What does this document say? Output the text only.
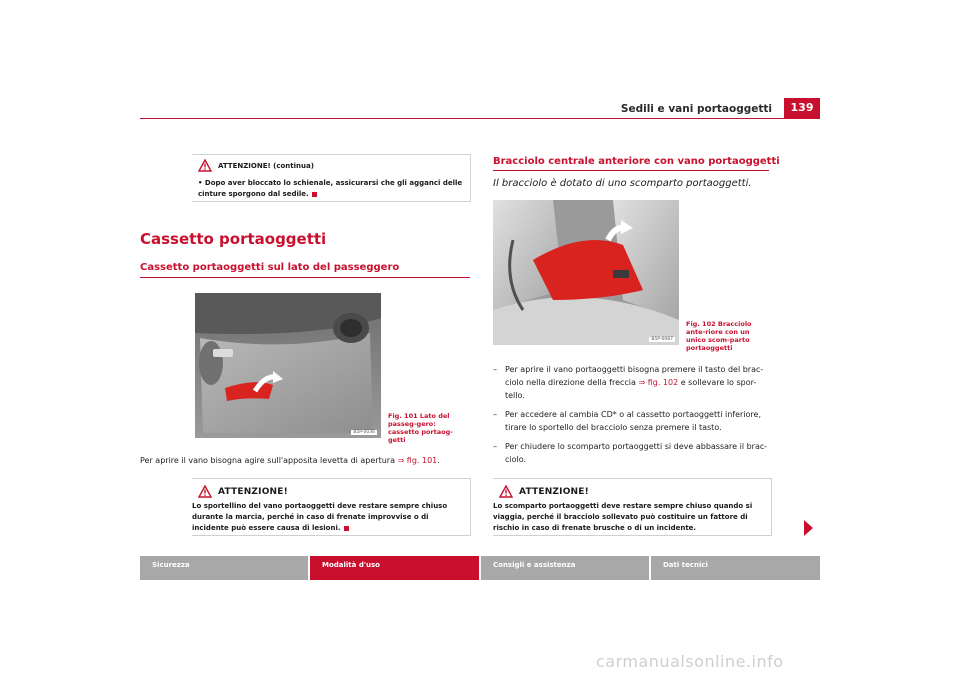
Sedili e vani portaoggetti	139
ATTENZIONE! (continua)
• Dopo aver bloccato lo schienale, assicurarsi che gli agganci delle cinture sporgono dal sedile.
Cassetto portaoggetti
Cassetto portaoggetti sul lato del passeggero
B5P-0036
Fig. 101 Lato del passeg-gero: cassetto portaog-getti
Per aprire il vano bisogna agire sull'apposita levetta di apertura ⇒ fig. 101.
ATTENZIONE!
Lo sportellino del vano portaoggetti deve restare sempre chiuso durante la marcia, perché in caso di frenate improvvise o di incidente può essere causa di lesioni.
Bracciolo centrale anteriore con vano portaoggetti
Il bracciolo è dotato di uno scomparto portaoggetti.
B5P-0087
Fig. 102 Bracciolo ante-riore con un unico scom-parto portaoggetti
– Per aprire il vano portaoggetti bisogna premere il tasto del brac-ciolo nella direzione della freccia ⇒ fig. 102 e sollevare lo spor-tello.
– Per accedere al cambia CD* o al cassetto portaoggetti inferiore, tirare lo sportello del bracciolo senza premere il tasto.
– Per chiudere lo scomparto portaoggetti si deve abbassare il brac-ciolo.
ATTENZIONE!
Lo scomparto portaoggetti deve restare sempre chiuso quando si viaggia, perché il bracciolo sollevato può costituire un fattore di rischio in caso di frenate brusche o di un incidente.
Sicurezza	Modalità d'uso	Consigli e assistenza	Dati tecnici
carmanualsonline.info
